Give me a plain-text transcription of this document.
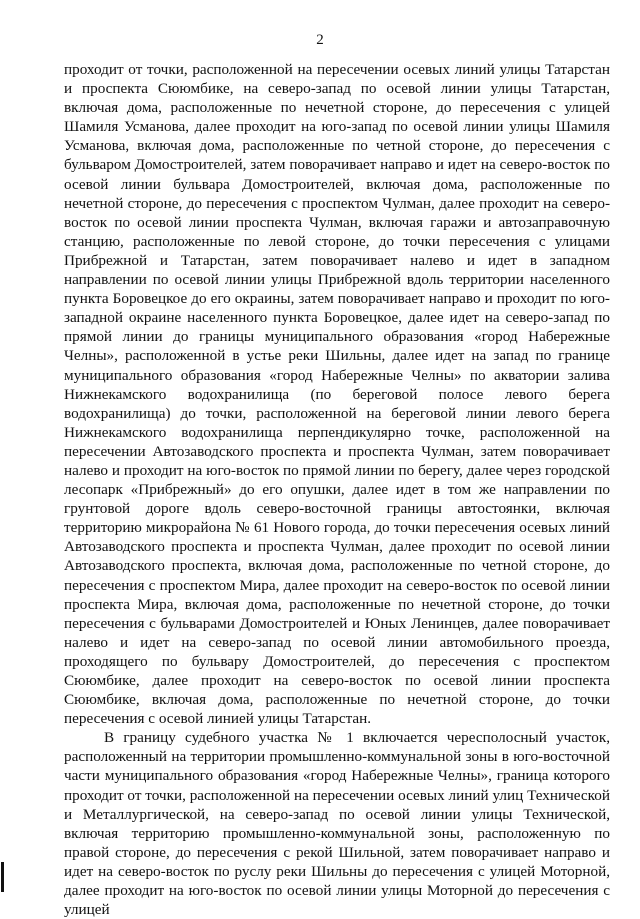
2

проходит от точки, расположенной на пересечении осевых линий улицы Татарстан и проспекта Сююмбике, на северо-запад по осевой линии улицы Татарстан, включая дома, расположенные по нечетной стороне, до пересечения с улицей Шамиля Усманова, далее проходит на юго-запад по осевой линии улицы Шамиля Усманова, включая дома, расположенные по четной стороне, до пересечения с бульваром Домостроителей, затем поворачивает направо и идет на северо-восток по осевой линии бульвара Домостроителей, включая дома, расположенные по нечетной стороне, до пересечения с проспектом Чулман, далее проходит на северо-восток по осевой линии проспекта Чулман, включая гаражи и автозаправочную станцию, расположенные по левой стороне, до точки пересечения с улицами Прибрежной и Татарстан, затем поворачивает налево и идет в западном направлении по осевой линии улицы Прибрежной вдоль территории населенного пункта Боровецкое до его окраины, затем поворачивает направо и проходит по юго-западной окраине населенного пункта Боровецкое, далее идет на северо-запад по прямой линии до границы муниципального образования «город Набережные Челны», расположенной в устье реки Шильны, далее идет на запад по границе муниципального образования «город Набережные Челны» по акватории залива Нижнекамского водохранилища (по береговой полосе левого берега водохранилища) до точки, расположенной на береговой линии левого берега Нижнекамского водохранилища перпендикулярно точке, расположенной на пересечении Автозаводского проспекта и проспекта Чулман, затем поворачивает налево и проходит на юго-восток по прямой линии по берегу, далее через городской лесопарк «Прибрежный» до его опушки, далее идет в том же направлении по грунтовой дороге вдоль северо-восточной границы автостоянки, включая территорию микрорайона № 61 Нового города, до точки пересечения осевых линий Автозаводского проспекта и проспекта Чулман, далее проходит по осевой линии Автозаводского проспекта, включая дома, расположенные по четной стороне, до пересечения с проспектом Мира, далее проходит на северо-восток по осевой линии проспекта Мира, включая дома, расположенные по нечетной стороне, до точки пересечения с бульварами Домостроителей и Юных Ленинцев, далее поворачивает налево и идет на северо-запад по осевой линии автомобильного проезда, проходящего по бульвару Домостроителей, до пересечения с проспектом Сююмбике, далее проходит на северо-восток по осевой линии проспекта Сююмбике, включая дома, расположенные по нечетной стороне, до точки пересечения с осевой линией улицы Татарстан.

В границу судебного участка № 1 включается чересполосный участок, расположенный на территории промышленно-коммунальной зоны в юго-восточной части муниципального образования «город Набережные Челны», граница которого проходит от точки, расположенной на пересечении осевых линий улиц Технической и Металлургической, на северо-запад по осевой линии улицы Технической, включая территорию промышленно-коммунальной зоны, расположенную по правой стороне, до пересечения с рекой Шильной, затем поворачивает направо и идет на северо-восток по руслу реки Шильны до пересечения с улицей Моторной, далее проходит на юго-восток по осевой линии улицы Моторной до пересечения с улицей
